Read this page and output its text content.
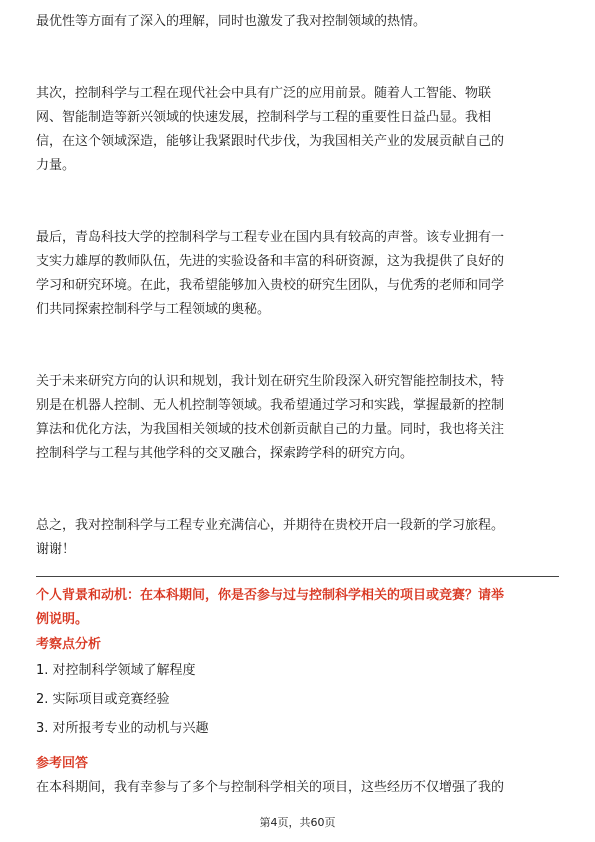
最优性等方面有了深入的理解，同时也激发了我对控制领域的热情。

其次，控制科学与工程在现代社会中具有广泛的应用前景。随着人工智能、物联
网、智能制造等新兴领域的快速发展，控制科学与工程的重要性日益凸显。我相
信，在这个领域深造，能够让我紧跟时代步伐，为我国相关产业的发展贡献自己的
力量。

最后，青岛科技大学的控制科学与工程专业在国内具有较高的声誉。该专业拥有一
支实力雄厚的教师队伍，先进的实验设备和丰富的科研资源，这为我提供了良好的
学习和研究环境。在此，我希望能够加入贵校的研究生团队，与优秀的老师和同学
们共同探索控制科学与工程领域的奥秘。

关于未来研究方向的认识和规划，我计划在研究生阶段深入研究智能控制技术，特
别是在机器人控制、无人机控制等领域。我希望通过学习和实践，掌握最新的控制
算法和优化方法，为我国相关领域的技术创新贡献自己的力量。同时，我也将关注
控制科学与工程与其他学科的交叉融合，探索跨学科的研究方向。

总之，我对控制科学与工程专业充满信心，并期待在贵校开启一段新的学习旅程。
谢谢！

个人背景和动机：在本科期间，你是否参与过与控制科学相关的项目或竞赛？请举
例说明。

考察点分析

1. 对控制科学领域了解程度

2. 实际项目或竞赛经验

3. 对所报考专业的动机与兴趣

参考回答

在本科期间，我有幸参与了多个与控制科学相关的项目，这些经历不仅增强了我的

第4页，共60页
